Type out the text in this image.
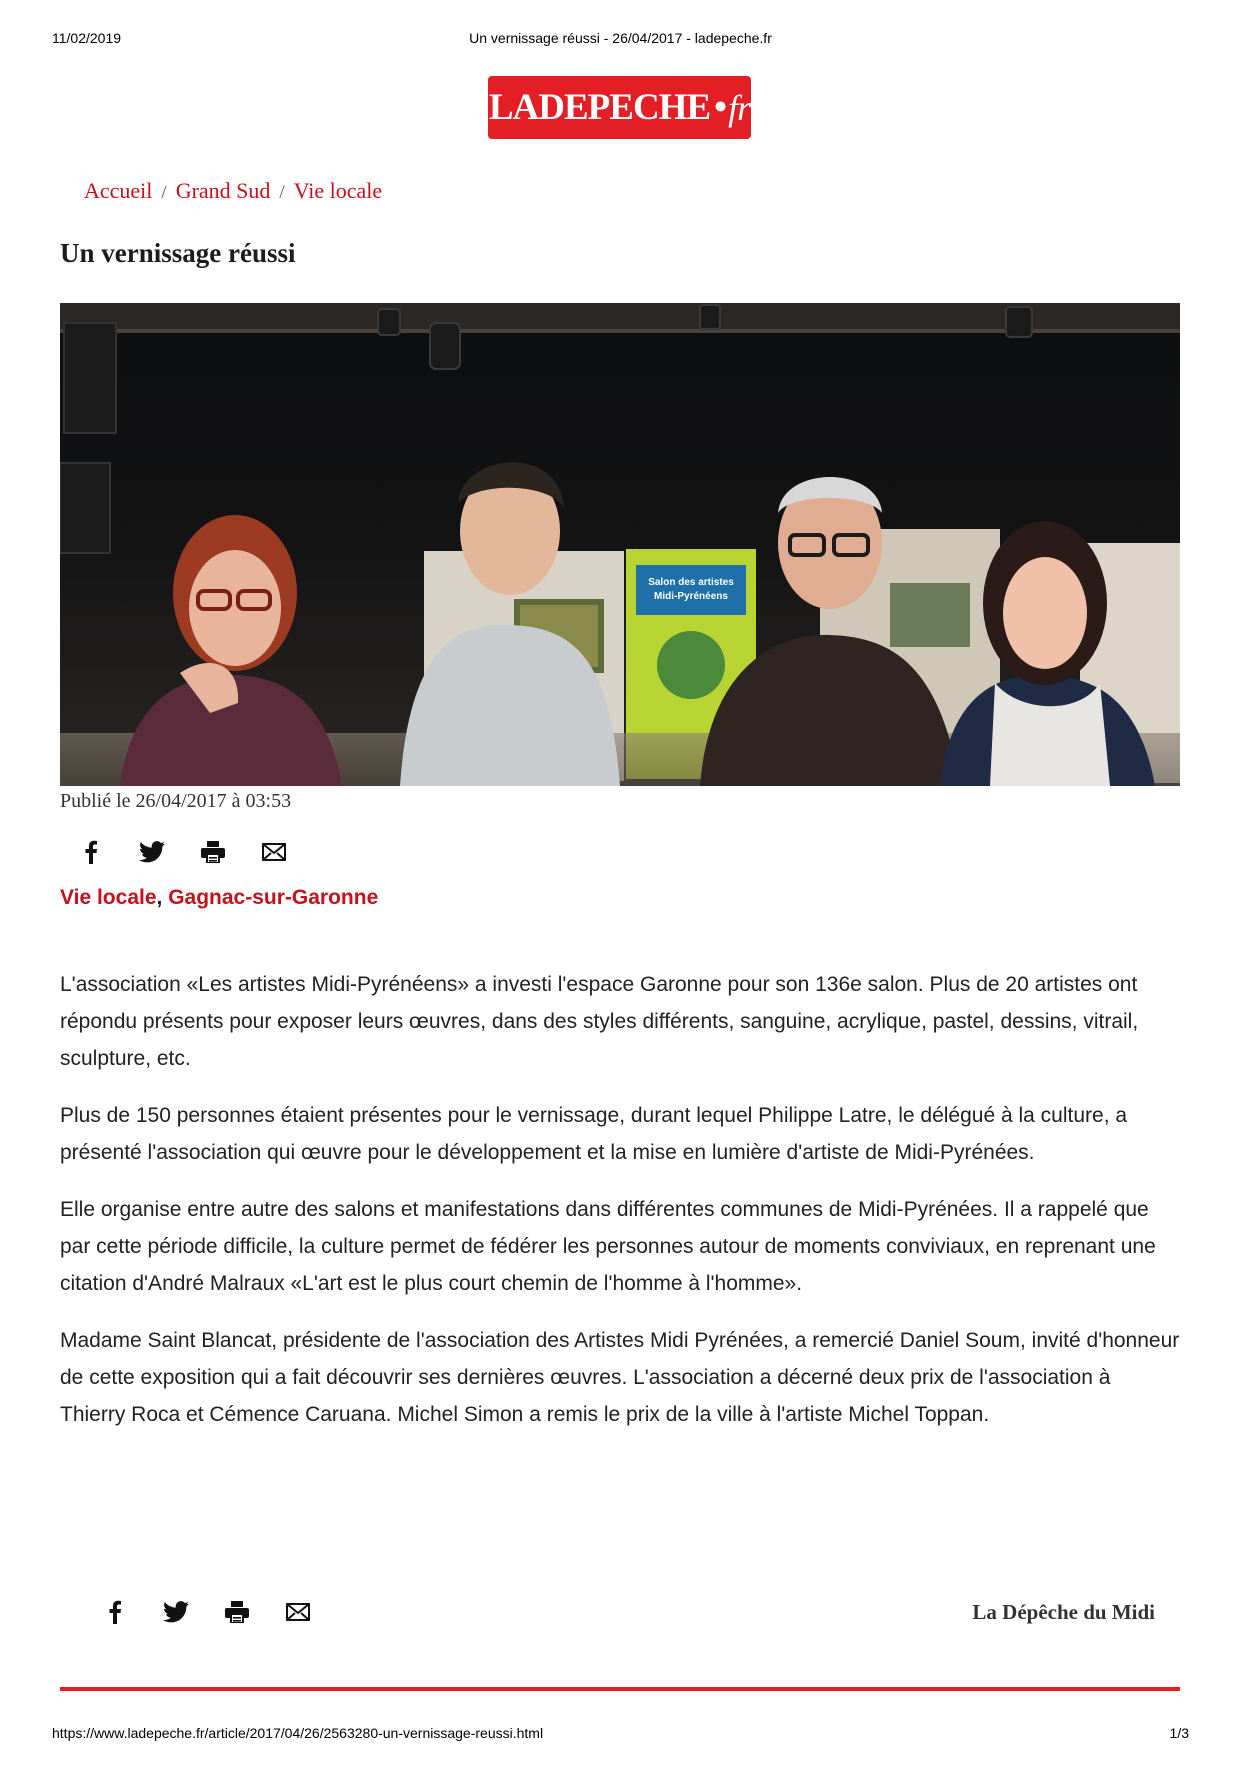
11/02/2019	Un vernissage réussi - 26/04/2017 - ladepeche.fr
LADEPECHE • fr
Accueil / Grand Sud / Vie locale
Un vernissage réussi
Salon des artistes
Midi-Pyrénéens
Publié le 26/04/2017 à 03:53
Vie locale, Gagnac-sur-Garonne

L'association «Les artistes Midi-Pyrénéens» a investi l'espace Garonne pour son 136e salon. Plus de 20 artistes ont répondu présents pour exposer leurs œuvres, dans des styles différents, sanguine, acrylique, pastel, dessins, vitrail, sculpture, etc.

Plus de 150 personnes étaient présentes pour le vernissage, durant lequel Philippe Latre, le délégué à la culture, a présenté l'association qui œuvre pour le développement et la mise en lumière d'artiste de Midi-Pyrénées.

Elle organise entre autre des salons et manifestations dans différentes communes de Midi-Pyrénées. Il a rappelé que par cette période difficile, la culture permet de fédérer les personnes autour de moments conviviaux, en reprenant une citation d'André Malraux «L'art est le plus court chemin de l'homme à l'homme».

Madame Saint Blancat, présidente de l'association des Artistes Midi Pyrénées, a remercié Daniel Soum, invité d'honneur de cette exposition qui a fait découvrir ses dernières œuvres. L'association a décerné deux prix de l'association à Thierry Roca et Cémence Caruana. Michel Simon a remis le prix de la ville à l'artiste Michel Toppan.

La Dépêche du Midi
https://www.ladepeche.fr/article/2017/04/26/2563280-un-vernissage-reussi.html	1/3
